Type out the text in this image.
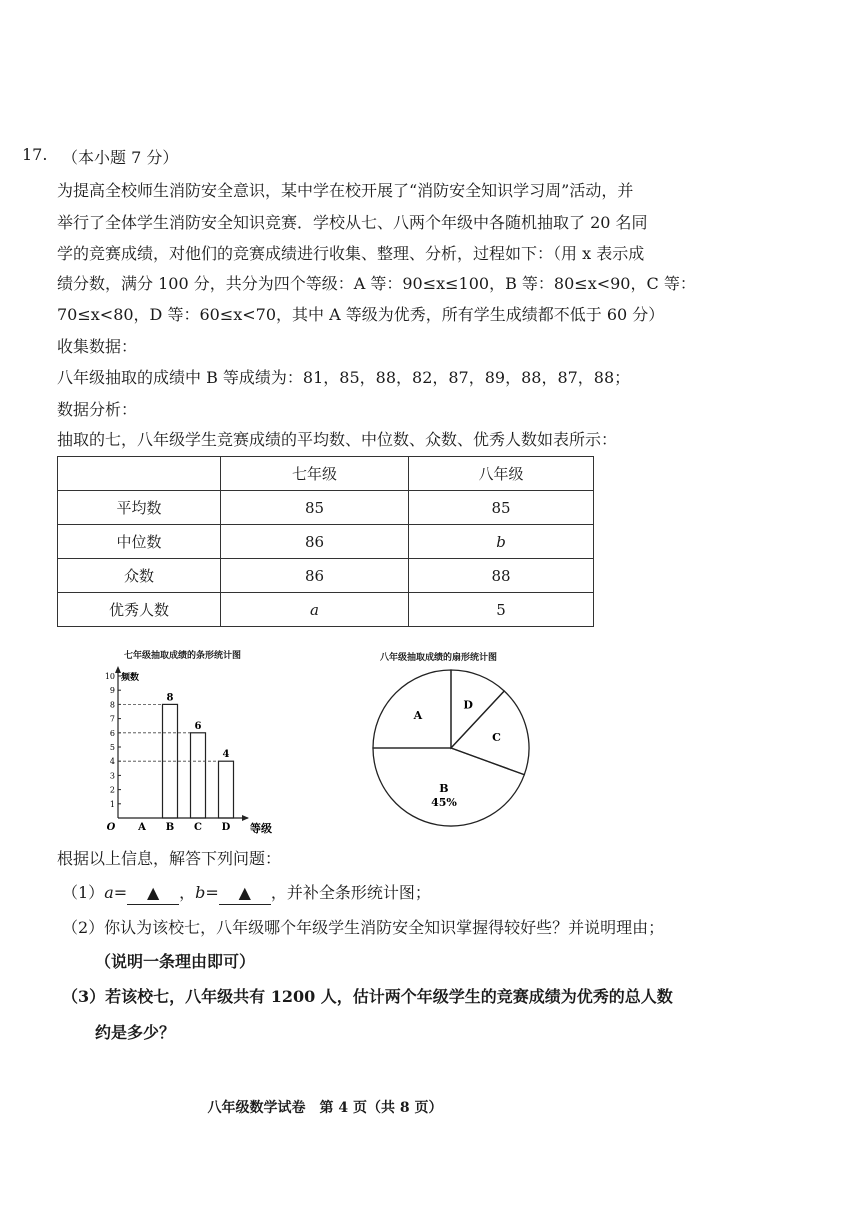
17. （本小题 7 分）
为提高全校师生消防安全意识，某中学在校开展了“消防安全知识学习周”活动，并
举行了全体学生消防安全知识竞赛．学校从七、八两个年级中各随机抽取了 20 名同
学的竞赛成绩，对他们的竞赛成绩进行收集、整理、分析，过程如下：（用 x 表示成
绩分数，满分 100 分，共分为四个等级：A 等：90≤x≤100，B 等：80≤x<90，C 等：
70≤x<80，D 等：60≤x<70，其中 A 等级为优秀，所有学生成绩都不低于 60 分）
收集数据：
八年级抽取的成绩中 B 等成绩为：81，85，88，82，87，89，88，87，88；
数据分析：
抽取的七，八年级学生竞赛成绩的平均数、中位数、众数、优秀人数如表所示：
	七年级	八年级
平均数	85	85
中位数	86	b
众数	86	88
优秀人数	a	5
七年级抽取成绩的条形统计图
1
2
3
4
5
6
7
8
9
10 频数
O	等级
A B
8
C
6
D
4
八年级抽取成绩的扇形统计图
A
B
45%
C
D
根据以上信息，解答下列问题：
（1）a= ▲ ，b= ▲ ，并补全条形统计图；
（2）你认为该校七，八年级哪个年级学生消防安全知识掌握得较好些？并说明理由；
（说明一条理由即可）
（3）若该校七，八年级共有 1200 人，估计两个年级学生的竞赛成绩为优秀的总人数
约是多少？
八年级数学试卷　第 4 页（共 8 页）
